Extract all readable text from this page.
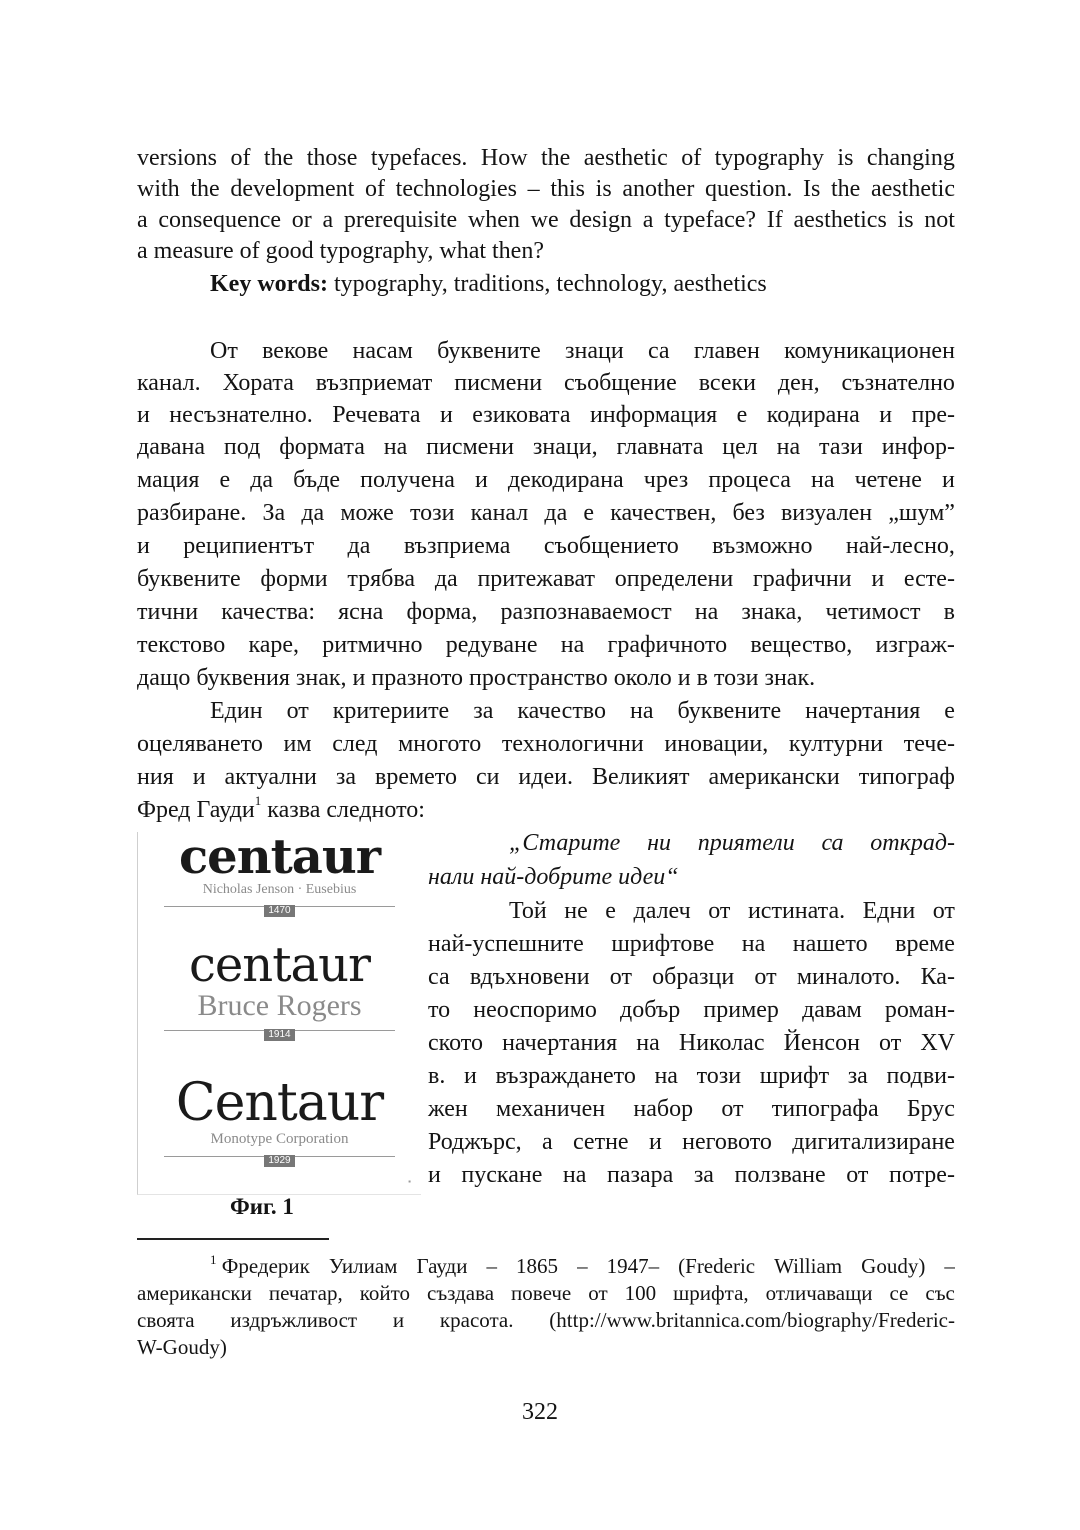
versions of the those typefaces. How the aesthetic of typography is changing
with the development of technologies – this is another question. Is the aesthetic
a consequence or a prerequisite when we design a typeface? If aesthetics is not
a measure of good typography, what then?
Key words:
typography, traditions, technology, aesthetics
От векове насам буквените знаци са главен комуникационен
канал. Хората възприемат писмени съобщение всеки ден, съзнателно
и несъзнателно. Речевата и езиковата информация е кодирана и пре-
давана под формата на писмени знаци, главната цел на тази инфор-
мация е да бъде получена и декодирана чрез процеса на четене и
разбиране. За да може този канал да е качествен, без визуален „шум”
и реципиентът да възприема съобщението възможно най-лесно,
буквените форми трябва да притежават определени графични и есте-
тични качества: ясна форма, разпознаваемост на знака, четимост в
текстово каре, ритмично редуване на графичното вещество, изграж-
дащо буквения знак, и празното пространство около и в този знак.
Един от критериите за качество на буквените начертания е
оцеляването им след многото технологични иновации, културни тече-
ния и актуални за времето си идеи. Великият американски типограф
Фред Гауди 1 казва следното:
centaur
Nicholas Jenson · Eusebius
1470
centaur
Bruce Rogers
1914
Centaur
Monotype Corporation
1929
▪
Фиг. 1
„Старите ни приятели са открад-
нали най-добрите идеи“
Той не е далеч от истината. Едни от
най-успешните шрифтове на нашето време
са вдъхновени от образци от миналото. Ка-
то неоспоримо добър пример давам роман-
ското начертания на Николас Йенсон от XV
в. и възраждането на този шрифт за подви-
жен механичен набор от типографа Брус
Роджърс, а сетне и неговото дигитализиране
и пускане на пазара за ползване от потре-
$^1$ Фредерик Уилиам Гауди – 1865 – 1947– (Frederic William Goudy) –
американски печатар, който създава повече от 100 шрифта, отличаващи се със
своята издръжливост и красота. (http://www.britannica.com/biography/Frederic-
W-Goudy)
322
